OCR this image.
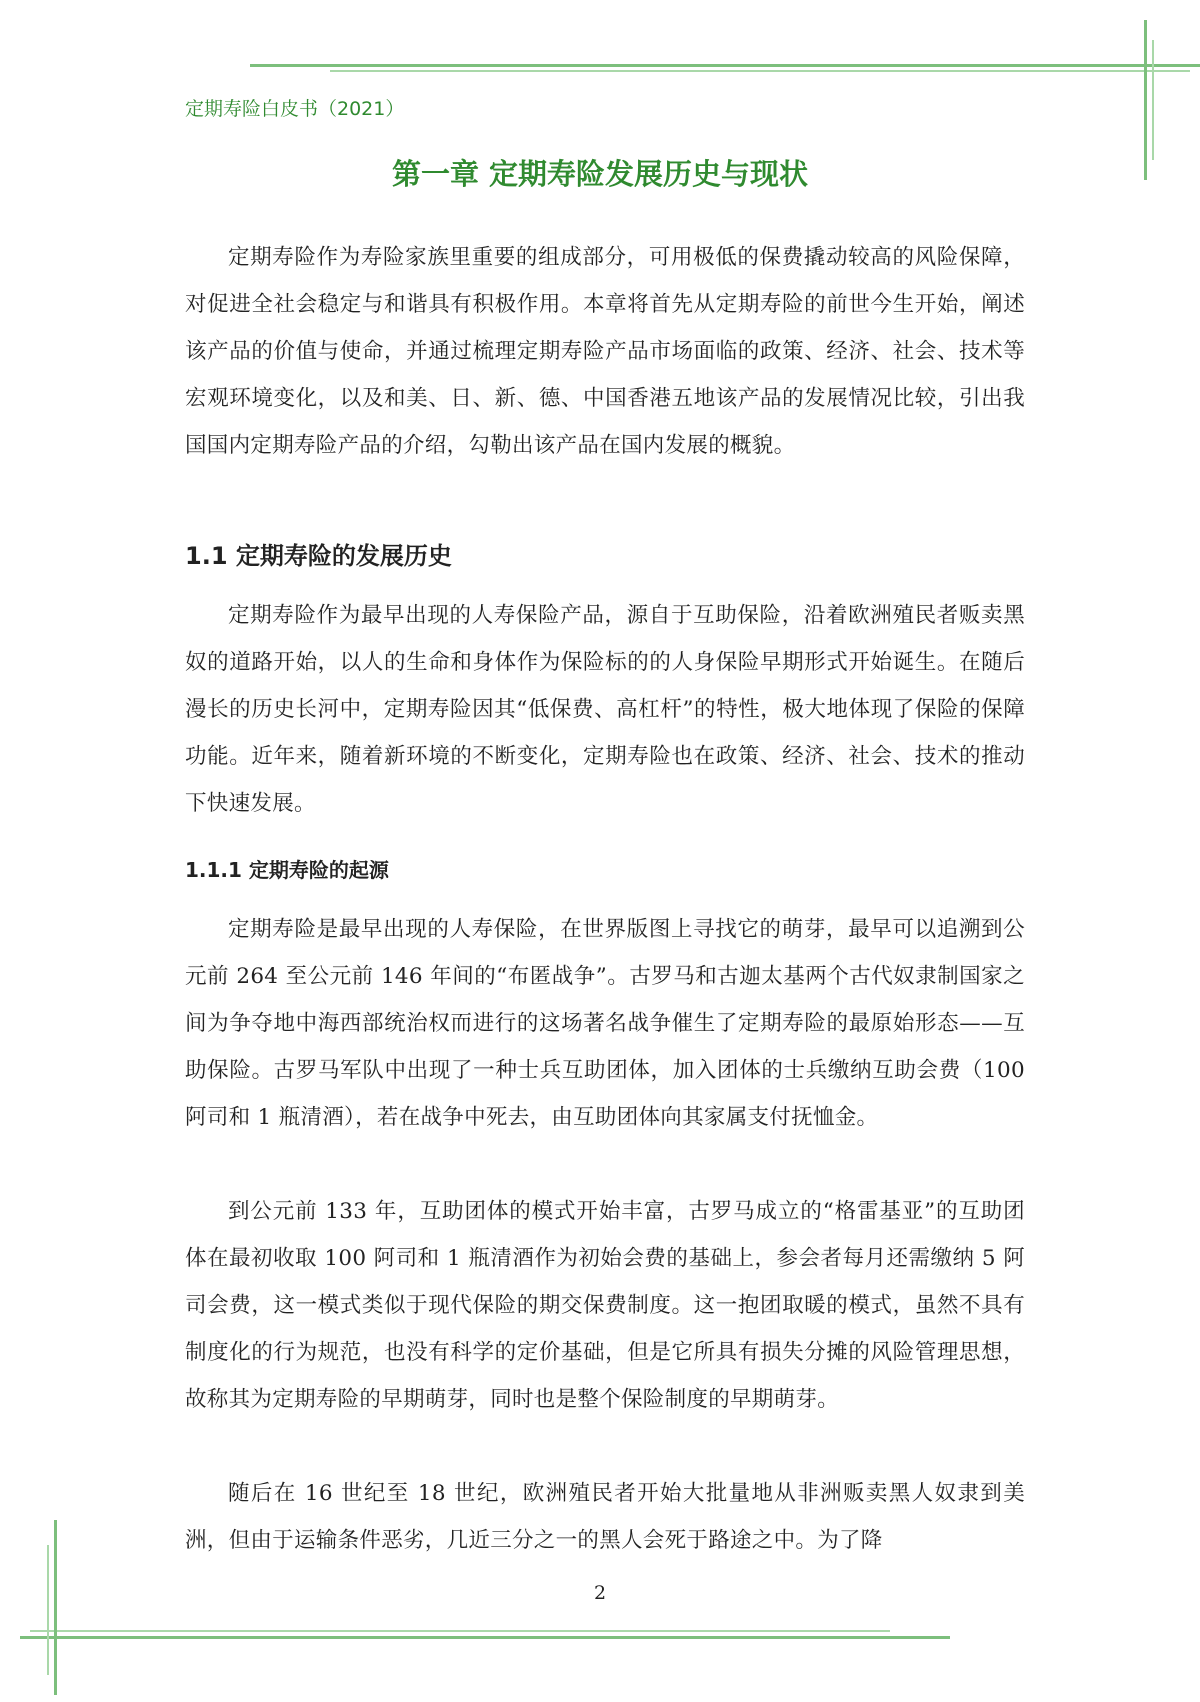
定期寿险白皮书（2021）
第一章 定期寿险发展历史与现状

定期寿险作为寿险家族里重要的组成部分，可用极低的保费撬动较高的风险保障，对促进全社会稳定与和谐具有积极作用。本章将首先从定期寿险的前世今生开始，阐述该产品的价值与使命，并通过梳理定期寿险产品市场面临的政策、经济、社会、技术等宏观环境变化，以及和美、日、新、德、中国香港五地该产品的发展情况比较，引出我国国内定期寿险产品的介绍，勾勒出该产品在国内发展的概貌。

1.1 定期寿险的发展历史

定期寿险作为最早出现的人寿保险产品，源自于互助保险，沿着欧洲殖民者贩卖黑奴的道路开始，以人的生命和身体作为保险标的的人身保险早期形式开始诞生。在随后漫长的历史长河中，定期寿险因其“低保费、高杠杆”的特性，极大地体现了保险的保障功能。近年来，随着新环境的不断变化，定期寿险也在政策、经济、社会、技术的推动下快速发展。

1.1.1 定期寿险的起源

定期寿险是最早出现的人寿保险，在世界版图上寻找它的萌芽，最早可以追溯到公元前 264 至公元前 146 年间的“布匿战争”。古罗马和古迦太基两个古代奴隶制国家之间为争夺地中海西部统治权而进行的这场著名战争催生了定期寿险的最原始形态——互助保险。古罗马军队中出现了一种士兵互助团体，加入团体的士兵缴纳互助会费（100 阿司和 1 瓶清酒），若在战争中死去，由互助团体向其家属支付抚恤金。

到公元前 133 年，互助团体的模式开始丰富，古罗马成立的“格雷基亚”的互助团体在最初收取 100 阿司和 1 瓶清酒作为初始会费的基础上，参会者每月还需缴纳 5 阿司会费，这一模式类似于现代保险的期交保费制度。这一抱团取暖的模式，虽然不具有制度化的行为规范，也没有科学的定价基础，但是它所具有损失分摊的风险管理思想，故称其为定期寿险的早期萌芽，同时也是整个保险制度的早期萌芽。

随后在 16 世纪至 18 世纪，欧洲殖民者开始大批量地从非洲贩卖黑人奴隶到美洲，但由于运输条件恶劣，几近三分之一的黑人会死于路途之中。为了降

2
